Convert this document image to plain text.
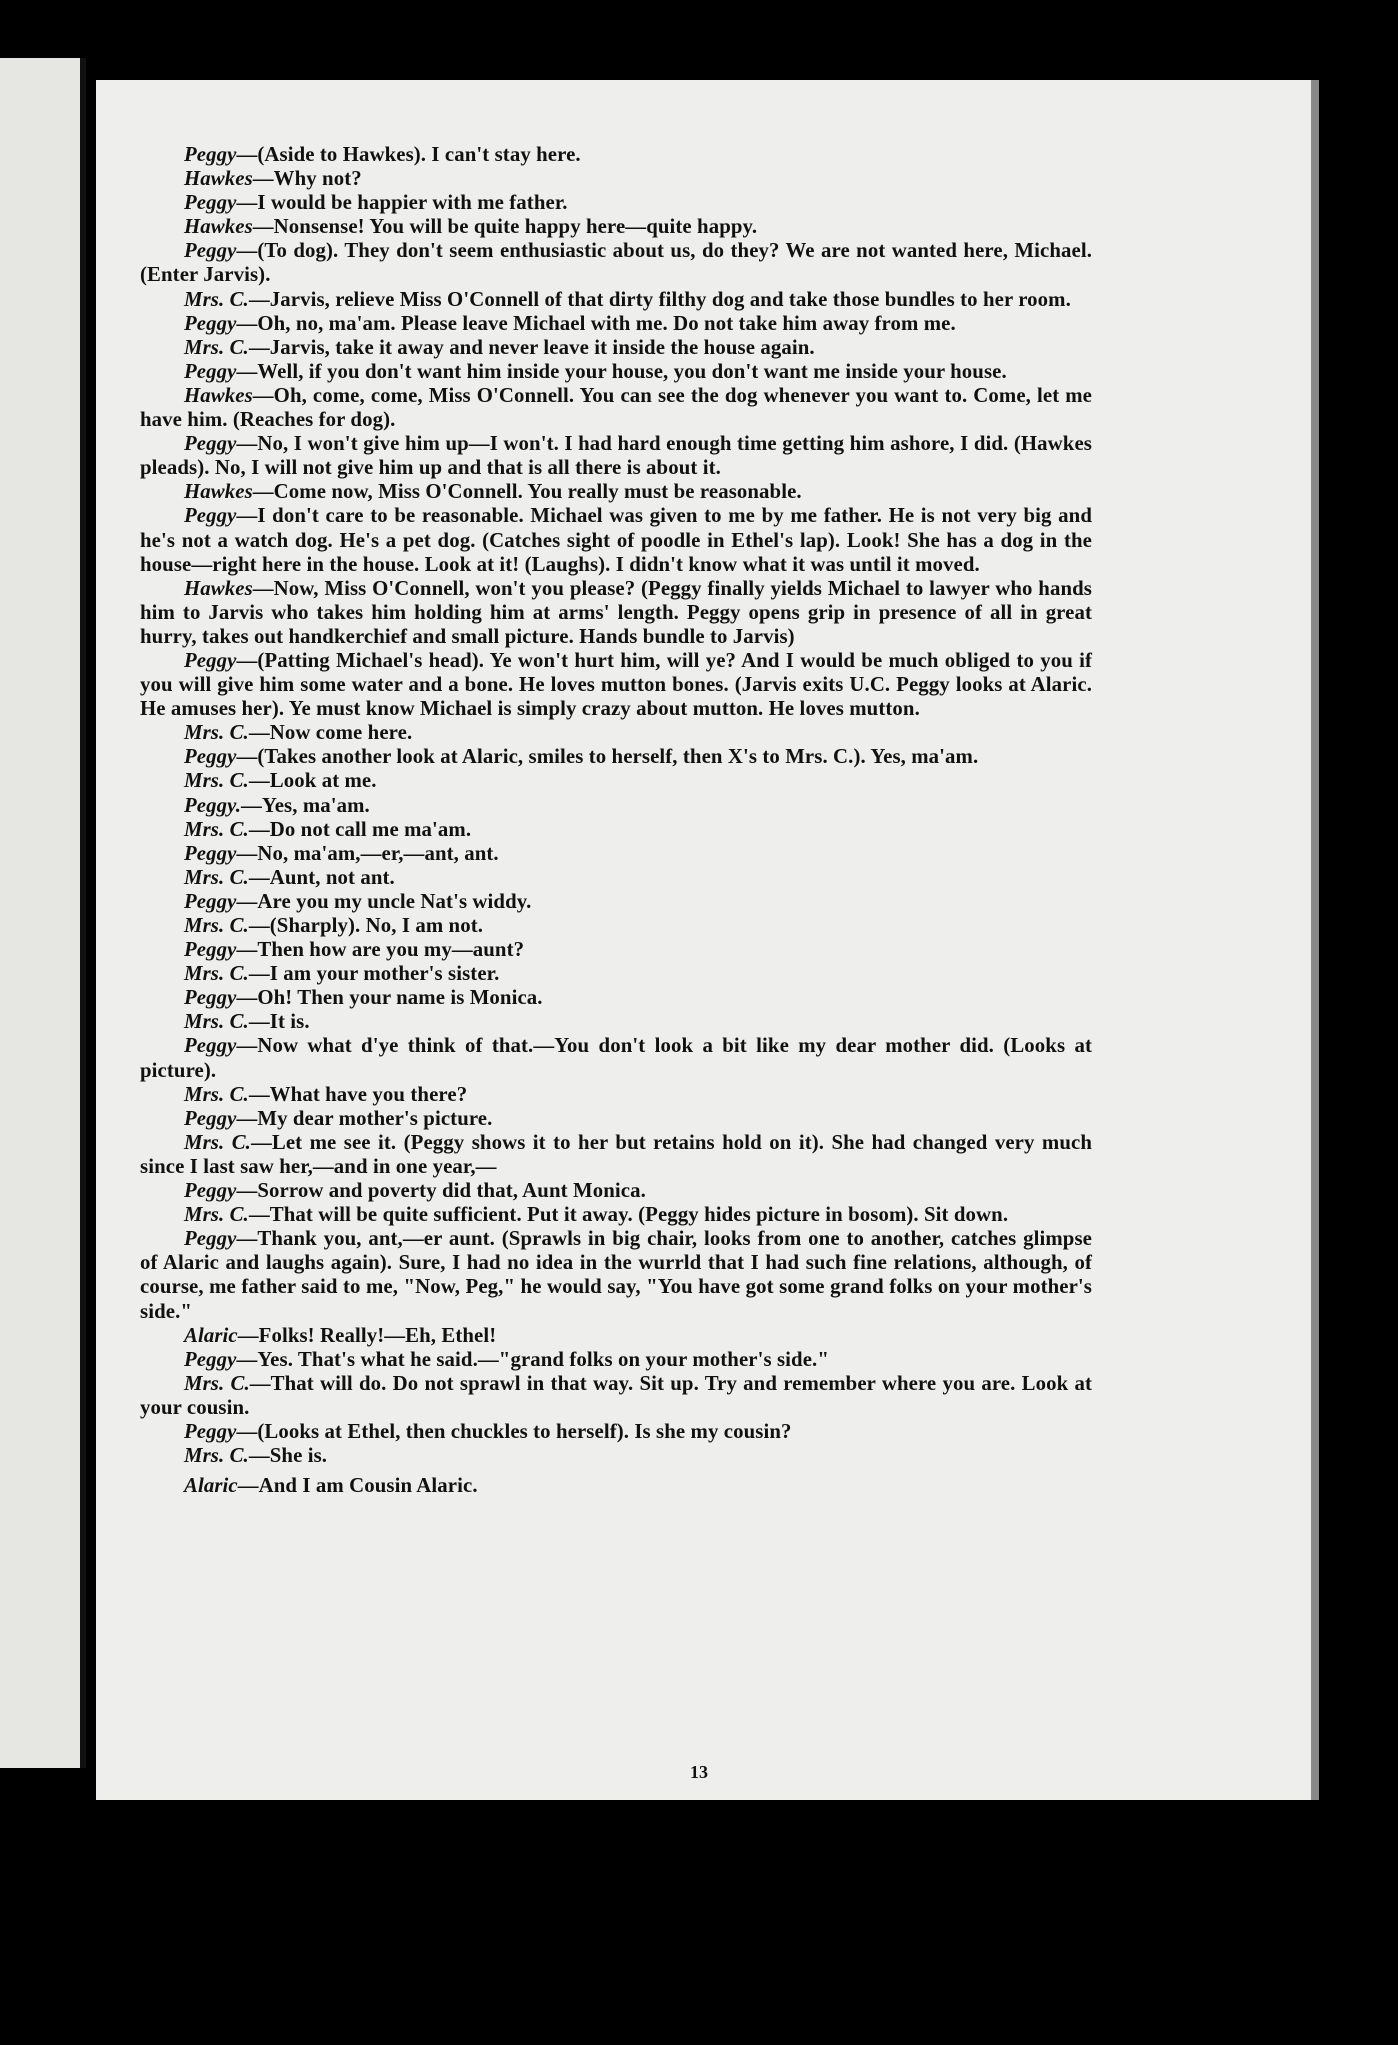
Peggy—(Aside to Hawkes). I can't stay here.

Hawkes—Why not?

Peggy—I would be happier with me father.

Hawkes—Nonsense! You will be quite happy here—quite happy.

Peggy—(To dog). They don't seem enthusiastic about us, do they? We are not wanted here, Michael. (Enter Jarvis).

Mrs. C.—Jarvis, relieve Miss O'Connell of that dirty filthy dog and take those bundles to her room.

Peggy—Oh, no, ma'am. Please leave Michael with me. Do not take him away from me.

Mrs. C.—Jarvis, take it away and never leave it inside the house again.

Peggy—Well, if you don't want him inside your house, you don't want me inside your house.

Hawkes—Oh, come, come, Miss O'Connell. You can see the dog whenever you want to. Come, let me have him. (Reaches for dog).

Peggy—No, I won't give him up—I won't. I had hard enough time getting him ashore, I did. (Hawkes pleads). No, I will not give him up and that is all there is about it.

Hawkes—Come now, Miss O'Connell. You really must be reasonable.

Peggy—I don't care to be reasonable. Michael was given to me by me father. He is not very big and he's not a watch dog. He's a pet dog. (Catches sight of poodle in Ethel's lap). Look! She has a dog in the house—right here in the house. Look at it! (Laughs). I didn't know what it was until it moved.

Hawkes—Now, Miss O'Connell, won't you please? (Peggy finally yields Michael to lawyer who hands him to Jarvis who takes him holding him at arms' length. Peggy opens grip in presence of all in great hurry, takes out handkerchief and small picture. Hands bundle to Jarvis)

Peggy—(Patting Michael's head). Ye won't hurt him, will ye? And I would be much obliged to you if you will give him some water and a bone. He loves mutton bones. (Jarvis exits U.C. Peggy looks at Alaric. He amuses her). Ye must know Michael is simply crazy about mutton. He loves mutton.

Mrs. C.—Now come here.

Peggy—(Takes another look at Alaric, smiles to herself, then X's to Mrs. C.). Yes, ma'am.

Mrs. C.—Look at me.

Peggy.—Yes, ma'am.

Mrs. C.—Do not call me ma'am.

Peggy—No, ma'am,—er,—ant, ant.

Mrs. C.—Aunt, not ant.

Peggy—Are you my uncle Nat's widdy.

Mrs. C.—(Sharply). No, I am not.

Peggy—Then how are you my—aunt?

Mrs. C.—I am your mother's sister.

Peggy—Oh! Then your name is Monica.

Mrs. C.—It is.

Peggy—Now what d'ye think of that.—You don't look a bit like my dear mother did. (Looks at picture).

Mrs. C.—What have you there?

Peggy—My dear mother's picture.

Mrs. C.—Let me see it. (Peggy shows it to her but retains hold on it). She had changed very much since I last saw her,—and in one year,—

Peggy—Sorrow and poverty did that, Aunt Monica.

Mrs. C.—That will be quite sufficient. Put it away. (Peggy hides picture in bosom). Sit down.

Peggy—Thank you, ant,—er aunt. (Sprawls in big chair, looks from one to another, catches glimpse of Alaric and laughs again). Sure, I had no idea in the wurrld that I had such fine relations, although, of course, me father said to me, "Now, Peg," he would say, "You have got some grand folks on your mother's side."

Alaric—Folks! Really!—Eh, Ethel!

Peggy—Yes. That's what he said.—"grand folks on your mother's side."

Mrs. C.—That will do. Do not sprawl in that way. Sit up. Try and remember where you are. Look at your cousin.

Peggy—(Looks at Ethel, then chuckles to herself). Is she my cousin?

Mrs. C.—She is.

Alaric—And I am Cousin Alaric.

13
